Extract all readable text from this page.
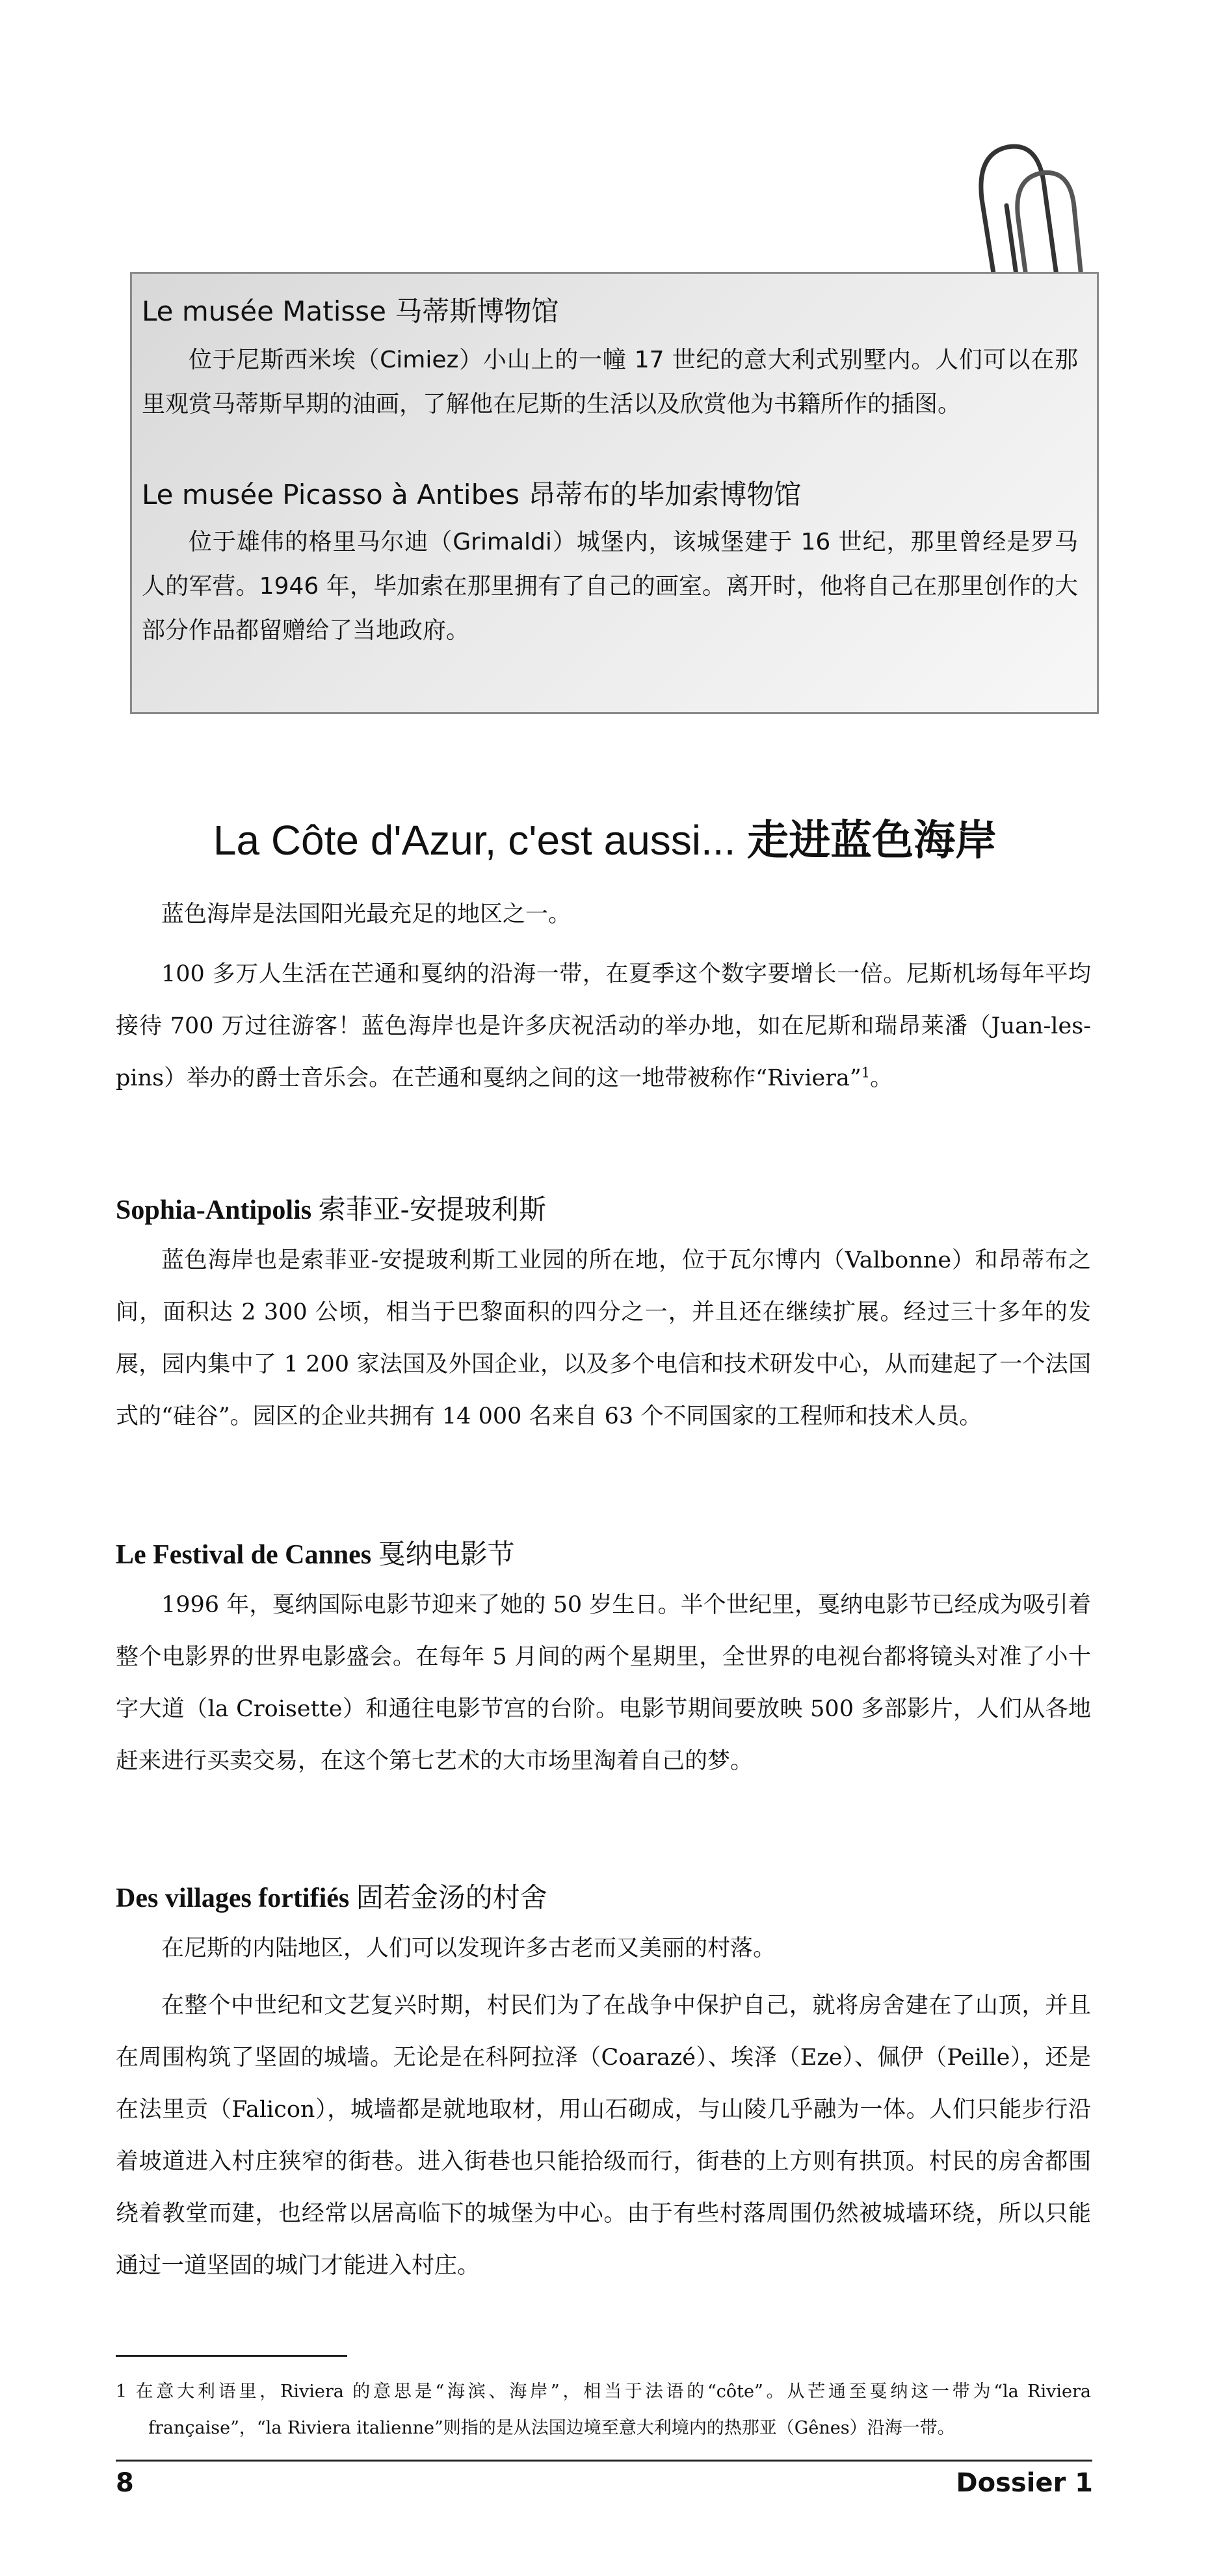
Le musée Matisse 马蒂斯博物馆
位于尼斯西米埃（Cimiez）小山上的一幢 17 世纪的意大利式别墅内。人们可以在那里观赏马蒂斯早期的油画，了解他在尼斯的生活以及欣赏他为书籍所作的插图。
Le musée Picasso à Antibes 昂蒂布的毕加索博物馆
位于雄伟的格里马尔迪（Grimaldi）城堡内，该城堡建于 16 世纪，那里曾经是罗马人的军营。1946 年，毕加索在那里拥有了自己的画室。离开时，他将自己在那里创作的大部分作品都留赠给了当地政府。
La Côte d'Azur, c'est aussi... 走进蓝色海岸
蓝色海岸是法国阳光最充足的地区之一。
100 多万人生活在芒通和戛纳的沿海一带，在夏季这个数字要增长一倍。尼斯机场每年平均接待 700 万过往游客！蓝色海岸也是许多庆祝活动的举办地，如在尼斯和瑞昂莱潘（Juan-les-pins）举办的爵士音乐会。在芒通和戛纳之间的这一地带被称作“Riviera”$^1$。
Sophia-Antipolis 索菲亚-安提玻利斯
蓝色海岸也是索菲亚-安提玻利斯工业园的所在地，位于瓦尔博内（Valbonne）和昂蒂布之间，面积达 2 300 公顷，相当于巴黎面积的四分之一，并且还在继续扩展。经过三十多年的发展，园内集中了 1 200 家法国及外国企业，以及多个电信和技术研发中心，从而建起了一个法国式的“硅谷”。园区的企业共拥有 14 000 名来自 63 个不同国家的工程师和技术人员。
Le Festival de Cannes 戛纳电影节
1996 年，戛纳国际电影节迎来了她的 50 岁生日。半个世纪里，戛纳电影节已经成为吸引着整个电影界的世界电影盛会。在每年 5 月间的两个星期里，全世界的电视台都将镜头对准了小十字大道（la Croisette）和通往电影节宫的台阶。电影节期间要放映 500 多部影片，人们从各地赶来进行买卖交易，在这个第七艺术的大市场里淘着自己的梦。
Des villages fortifiés 固若金汤的村舍
在尼斯的内陆地区，人们可以发现许多古老而又美丽的村落。
在整个中世纪和文艺复兴时期，村民们为了在战争中保护自己，就将房舍建在了山顶，并且在周围构筑了坚固的城墙。无论是在科阿拉泽（Coarazé）、埃泽（Eze）、佩伊（Peille），还是在法里贡（Falicon），城墙都是就地取材，用山石砌成，与山陵几乎融为一体。人们只能步行沿着坡道进入村庄狭窄的街巷。进入街巷也只能拾级而行，街巷的上方则有拱顶。村民的房舍都围绕着教堂而建，也经常以居高临下的城堡为中心。由于有些村落周围仍然被城墙环绕，所以只能通过一道坚固的城门才能进入村庄。
1 在意大利语里，Riviera 的意思是“海滨、海岸”，相当于法语的“côte”。从芒通至戛纳这一带为“la Riviera française”，“la Riviera italienne”则指的是从法国边境至意大利境内的热那亚（Gênes）沿海一带。
8	Dossier 1
